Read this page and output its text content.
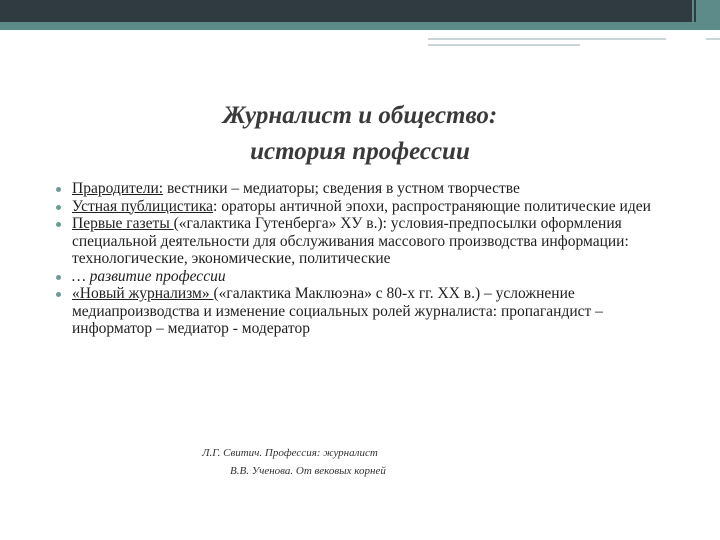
Журналист и общество:
история профессии
Прародители: вестники – медиаторы; сведения в устном творчестве
Устная публицистика: ораторы античной эпохи, распространяющие политические идеи
Первые газеты («галактика Гутенберга» XУ в.): условия-предпосылки оформления специальной деятельности для обслуживания массового производства информации: технологические, экономические, политические
… развитие профессии
«Новый журнализм» («галактика Маклюэна» с 80-х гг. XX в.) – усложнение медиапроизводства и изменение социальных ролей журналиста: пропагандист – информатор – медиатор - модератор
Л.Г. Свитич. Профессия: журналист
В.В. Ученова. От вековых корней
